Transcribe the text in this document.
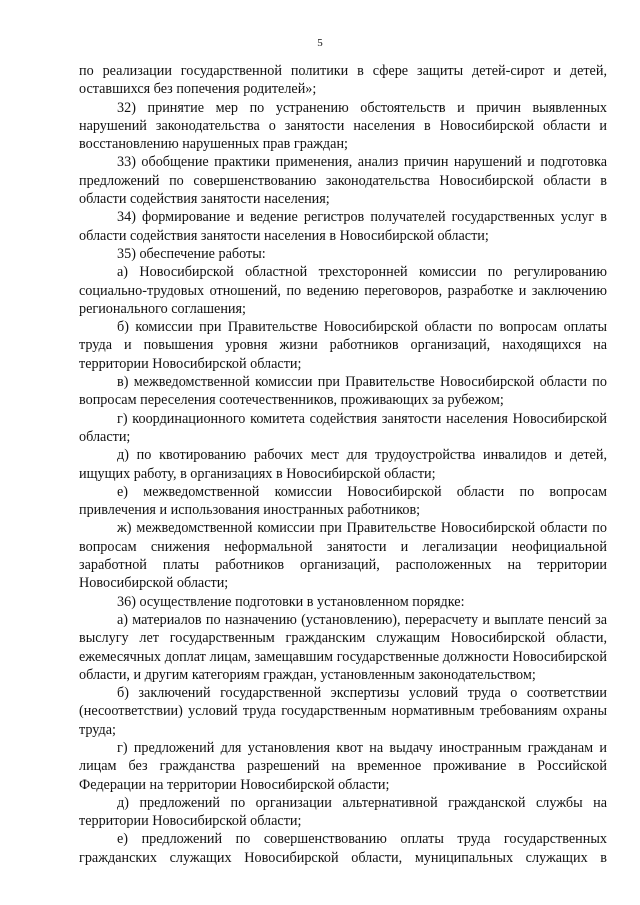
5

по реализации государственной политики в сфере защиты детей-сирот и детей, оставшихся без попечения родителей»;

32) принятие мер по устранению обстоятельств и причин выявленных нарушений законодательства о занятости населения в Новосибирской области и восстановлению нарушенных прав граждан;

33) обобщение практики применения, анализ причин нарушений и подготовка предложений по совершенствованию законодательства Новосибирской области в области содействия занятости населения;

34) формирование и ведение регистров получателей государственных услуг в области содействия занятости населения в Новосибирской области;

35) обеспечение работы:

а) Новосибирской областной трехсторонней комиссии по регулированию социально-трудовых отношений, по ведению переговоров, разработке и заключению регионального соглашения;

б) комиссии при Правительстве Новосибирской области по вопросам оплаты труда и повышения уровня жизни работников организаций, находящихся на территории Новосибирской области;

в) межведомственной комиссии при Правительстве Новосибирской области по вопросам переселения соотечественников, проживающих за рубежом;

г) координационного комитета содействия занятости населения Новосибирской области;

д) по квотированию рабочих мест для трудоустройства инвалидов и детей, ищущих работу, в организациях в Новосибирской области;

е) межведомственной комиссии Новосибирской области по вопросам привлечения и использования иностранных работников;

ж) межведомственной комиссии при Правительстве Новосибирской области по вопросам снижения неформальной занятости и легализации неофициальной заработной платы работников организаций, расположенных на территории Новосибирской области;

36) осуществление подготовки в установленном порядке:

а) материалов по назначению (установлению), перерасчету и выплате пенсий за выслугу лет государственным гражданским служащим Новосибирской области, ежемесячных доплат лицам, замещавшим государственные должности Новосибирской области, и другим категориям граждан, установленным законодательством;

б) заключений государственной экспертизы условий труда о соответствии (несоответствии) условий труда государственным нормативным требованиям охраны труда;

г) предложений для установления квот на выдачу иностранным гражданам и лицам без гражданства разрешений на временное проживание в Российской Федерации на территории Новосибирской области;

д) предложений по организации альтернативной гражданской службы на территории Новосибирской области;

е) предложений по совершенствованию оплаты труда государственных гражданских служащих Новосибирской области, муниципальных служащих в
